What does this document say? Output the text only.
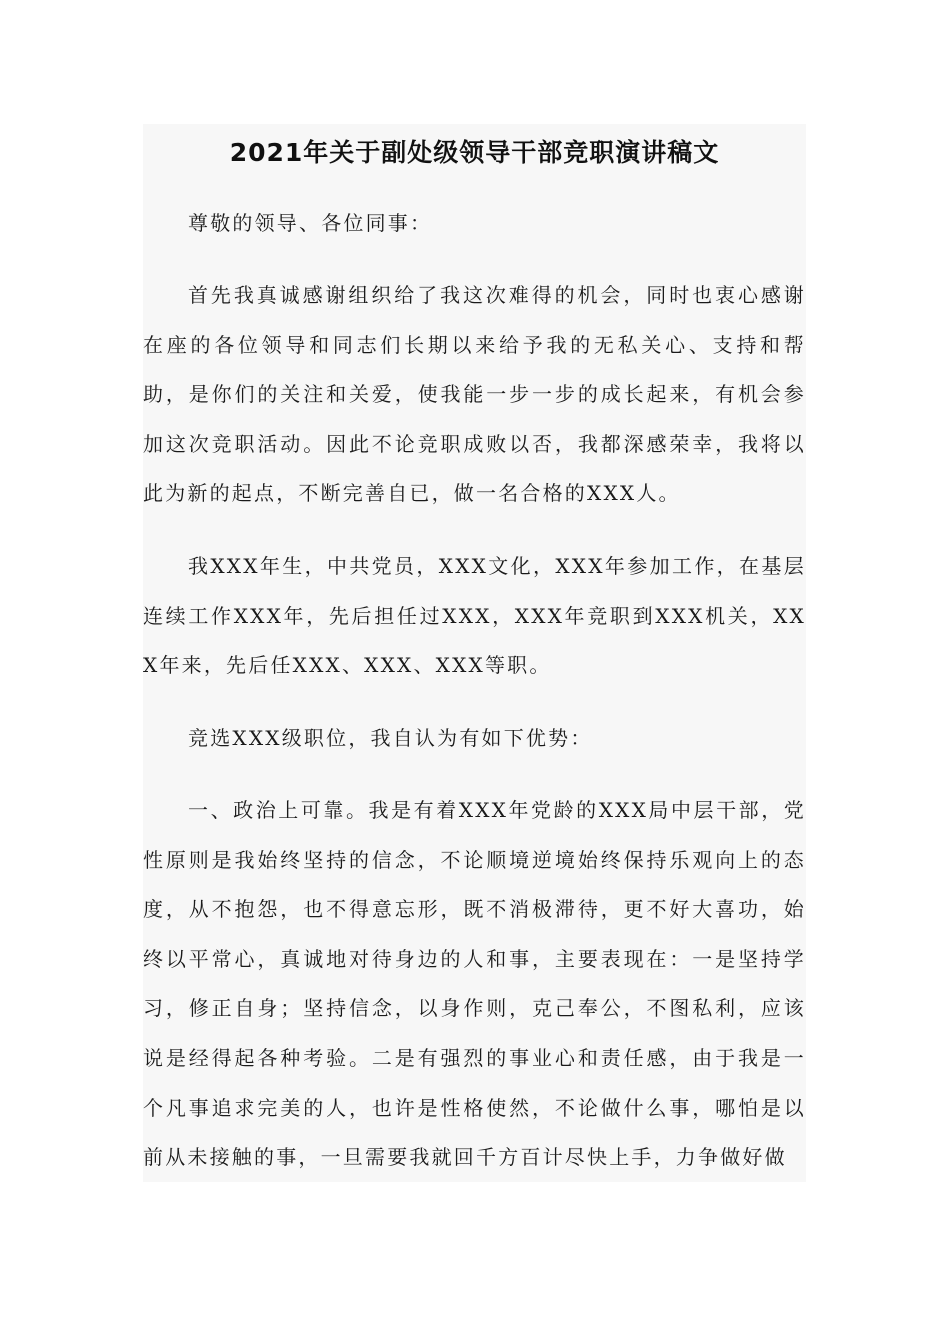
2021年关于副处级领导干部竞职演讲稿文

尊敬的领导、各位同事：

首先我真诚感谢组织给了我这次难得的机会，同时也衷心感谢在座的各位领导和同志们长期以来给予我的无私关心、支持和帮助，是你们的关注和关爱，使我能一步一步的成长起来，有机会参加这次竞职活动。因此不论竞职成败以否，我都深感荣幸，我将以此为新的起点，不断完善自已，做一名合格的XXX人。

我XXX年生，中共党员，XXX文化，XXX年参加工作，在基层连续工作XXX年，先后担任过XXX，XXX年竞职到XXX机关，XXX年来，先后任XXX、XXX、XXX等职。

竞选XXX级职位，我自认为有如下优势：

一、政治上可靠。我是有着XXX年党龄的XXX局中层干部，党性原则是我始终坚持的信念，不论顺境逆境始终保持乐观向上的态度，从不抱怨，也不得意忘形，既不消极滞待，更不好大喜功，始终以平常心，真诚地对待身边的人和事，主要表现在：一是坚持学习，修正自身；坚持信念，以身作则，克己奉公，不图私利，应该说是经得起各种考验。二是有强烈的事业心和责任感，由于我是一个凡事追求完美的人，也许是性格使然，不论做什么事，哪怕是以前从未接触的事，一旦需要我就回千方百计尽快上手，力争做好做
